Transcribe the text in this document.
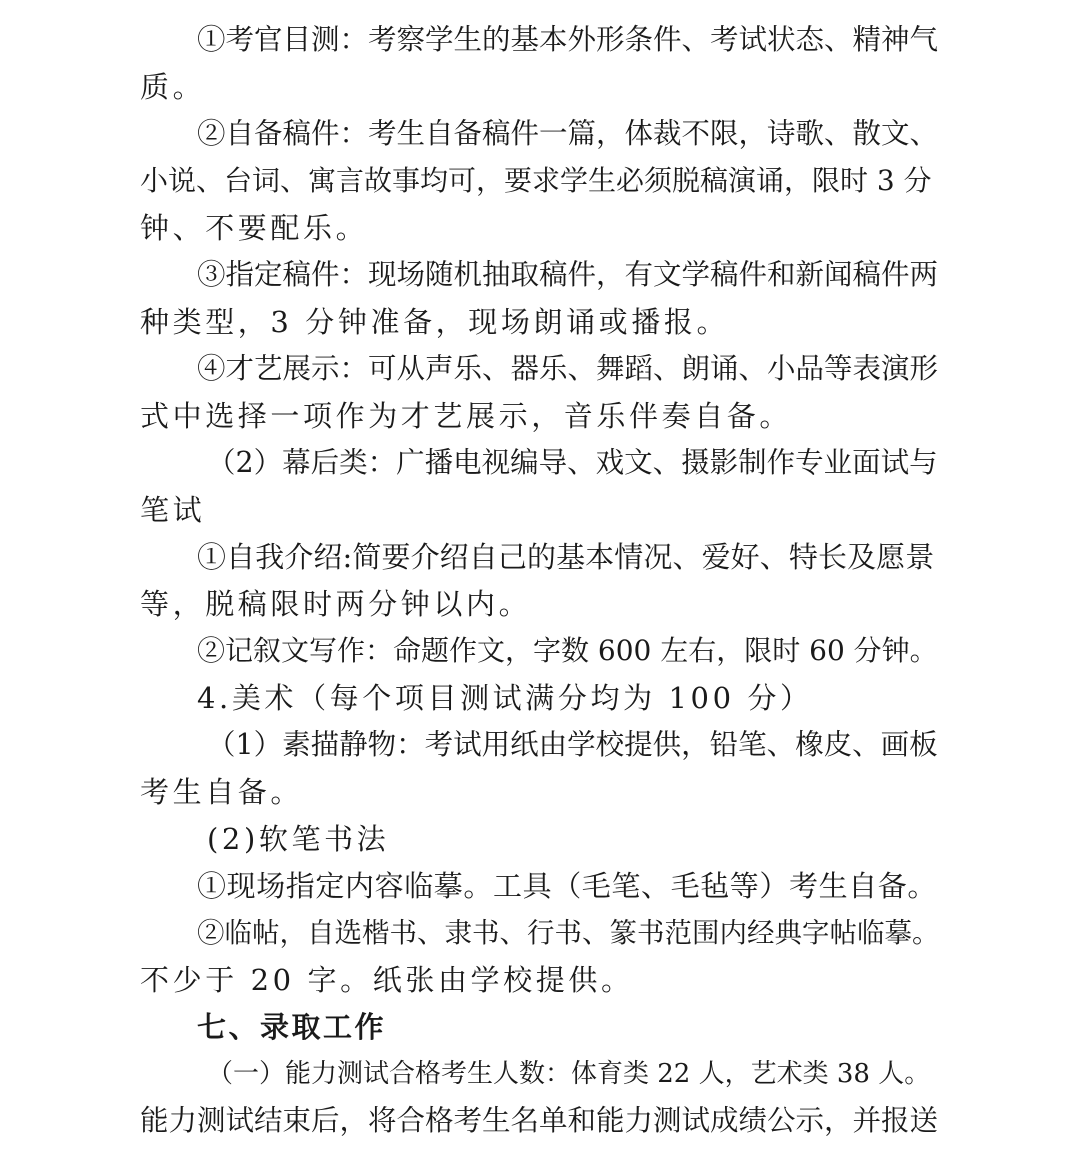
①考官目测：考察学生的基本外形条件、考试状态、精神气

质。

②自备稿件：考生自备稿件一篇，体裁不限，诗歌、散文、

小说、台词、寓言故事均可，要求学生必须脱稿演诵，限时 3 分

钟、不要配乐。

③指定稿件：现场随机抽取稿件，有文学稿件和新闻稿件两

种类型，3 分钟准备，现场朗诵或播报。

④才艺展示：可从声乐、器乐、舞蹈、朗诵、小品等表演形

式中选择一项作为才艺展示，音乐伴奏自备。

（2）幕后类：广播电视编导、戏文、摄影制作专业面试与

笔试

①自我介绍:简要介绍自己的基本情况、爱好、特长及愿景

等，脱稿限时两分钟以内。

②记叙文写作：命题作文，字数 600 左右，限时 60 分钟。

4.美术（每个项目测试满分均为 100 分）

（1）素描静物：考试用纸由学校提供，铅笔、橡皮、画板

考生自备。

(2)软笔书法

①现场指定内容临摹。工具（毛笔、毛毡等）考生自备。

②临帖，自选楷书、隶书、行书、篆书范围内经典字帖临摹。

不少于 20 字。纸张由学校提供。

七、录取工作

（一）能力测试合格考生人数：体育类 22 人，艺术类 38 人。

能力测试结束后，将合格考生名单和能力测试成绩公示，并报送
